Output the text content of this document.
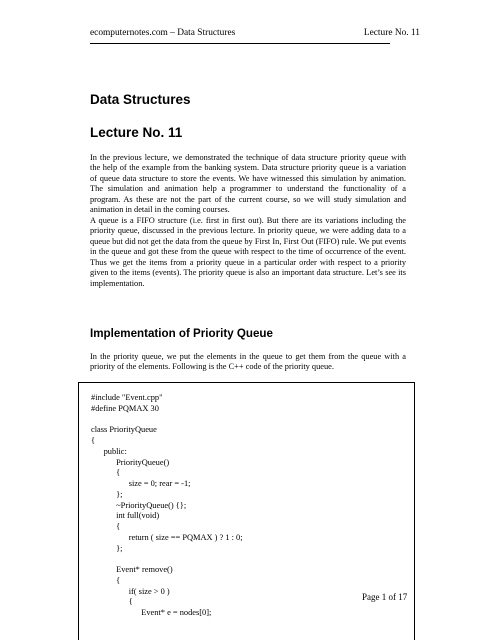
ecomputernotes.com – Data Structures	Lecture No. 11
Data Structures
Lecture No. 11

In the previous lecture, we demonstrated the technique of data structure priority queue with the help of the example from the banking system. Data structure priority queue is a variation of queue data structure to store the events. We have witnessed this simulation by animation. The simulation and animation help a programmer to understand the functionality of a program. As these are not the part of the current course, so we will study simulation and animation in detail in the coming courses.

A queue is a FIFO structure (i.e. first in first out). But there are its variations including the priority queue, discussed in the previous lecture. In priority queue, we were adding data to a queue but did not get the data from the queue by First In, First Out (FIFO) rule. We put events in the queue and got these from the queue with respect to the time of occurrence of the event. Thus we get the items from a priority queue in a particular order with respect to a priority given to the items (events). The priority queue is also an important data structure. Let’s see its implementation.

Implementation of Priority Queue

In the priority queue, we put the elements in the queue to get them from the queue with a priority of the elements. Following is the C++ code of the priority queue.

#include "Event.cpp"
#define PQMAX 30
class PriorityQueue
{
public:
PriorityQueue()
{
size = 0; rear = -1;
};
~PriorityQueue() {};
int full(void)
{
return ( size == PQMAX ) ? 1 : 0;
};
Event* remove()
{
if( size > 0 )
{
Event* e = nodes[0];
Page 1 of 17
